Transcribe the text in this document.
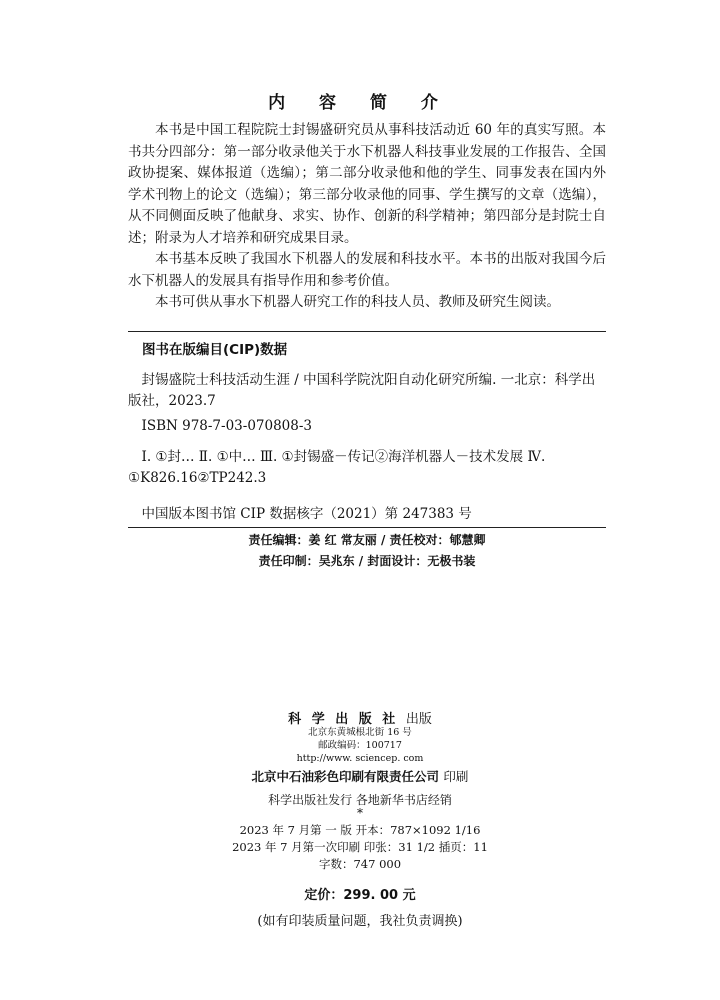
内 容 简 介

本书是中国工程院院士封锡盛研究员从事科技活动近 60 年的真实写照。本书共分四部分：第一部分收录他关于水下机器人科技事业发展的工作报告、全国政协提案、媒体报道（选编）；第二部分收录他和他的学生、同事发表在国内外学术刊物上的论文（选编）；第三部分收录他的同事、学生撰写的文章（选编），从不同侧面反映了他献身、求实、协作、创新的科学精神；第四部分是封院士自述；附录为人才培养和研究成果目录。

本书基本反映了我国水下机器人的发展和科技水平。本书的出版对我国今后水下机器人的发展具有指导作用和参考价值。

本书可供从事水下机器人研究工作的科技人员、教师及研究生阅读。

图书在版编目(CIP)数据

封锡盛院士科技活动生涯 / 中国科学院沈阳自动化研究所编. 一北京：科学出版社，2023.7

ISBN 978-7-03-070808-3

Ⅰ. ①封… Ⅱ. ①中… Ⅲ. ①封锡盛－传记②海洋机器人－技术发展 Ⅳ. ①K826.16②TP242.3

中国版本图书馆 CIP 数据核字（2021）第 247383 号

责任编辑：姜 红 常友丽 / 责任校对：郇慧卿
责任印制：吴兆东 / 封面设计：无极书装
科 学 出 版 社 出版
北京东黄城根北街 16 号
邮政编码：100717
http://www. sciencep. com
北京中石油彩色印刷有限责任公司 印刷
科学出版社发行 各地新华书店经销
*
2023 年 7 月第 一 版 开本：787×1092 1/16
2023 年 7 月第一次印刷 印张：31 1/2 插页：11
字数：747 000
定价：299. 00 元
(如有印装质量问题，我社负责调换)
